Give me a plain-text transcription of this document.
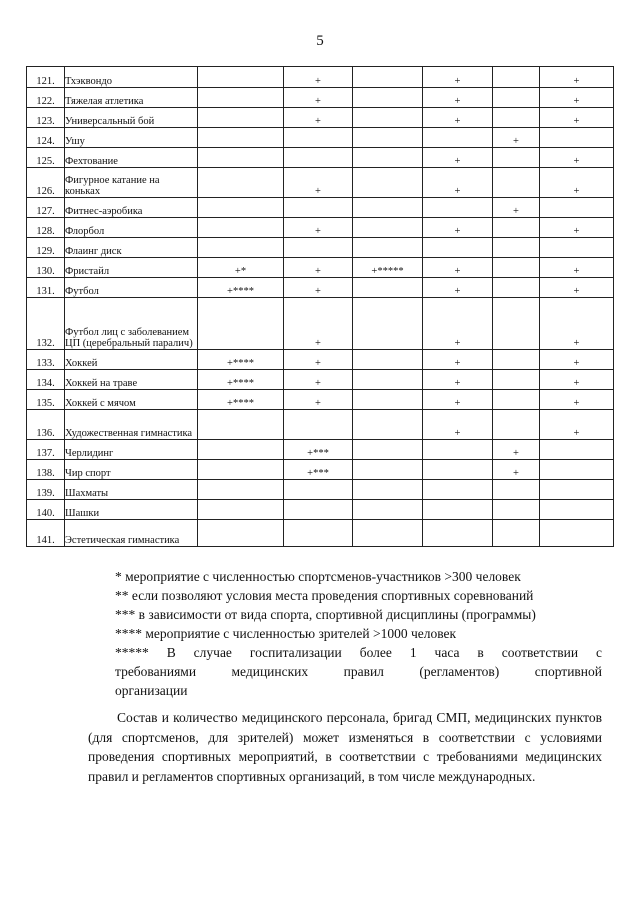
5
121.	Тхэквондо		+		+		+
122.	Тяжелая атлетика		+		+		+
123.	Универсальный бой		+		+		+
124.	Ушу					+	
125.	Фехтование				+		+
126.	Фигурное катание на коньках		+		+		+
127.	Фитнес-аэробика					+	
128.	Флорбол		+		+		+
129.	Флаинг диск						
130.	Фристайл	+*	+	+*****	+		+
131.	Футбол	+****	+		+		+
132.	Футбол лиц с заболеванием ЦП (церебральный паралич)		+		+		+
133.	Хоккей	+****	+		+		+
134.	Хоккей на траве	+****	+		+		+
135.	Хоккей с мячом	+****	+		+		+
136.	Художественная гимнастика				+		+
137.	Черлидинг		+***			+	
138.	Чир спорт		+***			+	
139.	Шахматы						
140.	Шашки						
141.	Эстетическая гимнастика						
* мероприятие с численностью спортсменов-участников >300 человек
** если позволяют условия места проведения спортивных соревнований
*** в зависимости от вида спорта, спортивной дисциплины (программы)
**** мероприятие с численностью зрителей >1000 человек
***** В случае госпитализации более 1 часа в соответствии с
требованиями медицинских правил (регламентов) спортивной
организации
Состав и количество медицинского персонала, бригад СМП, медицинских пунктов (для спортсменов, для зрителей) может изменяться в соответствии с условиями проведения спортивных мероприятий, в соответствии с требованиями медицинских правил и регламентов спортивных организаций, в том числе международных.
